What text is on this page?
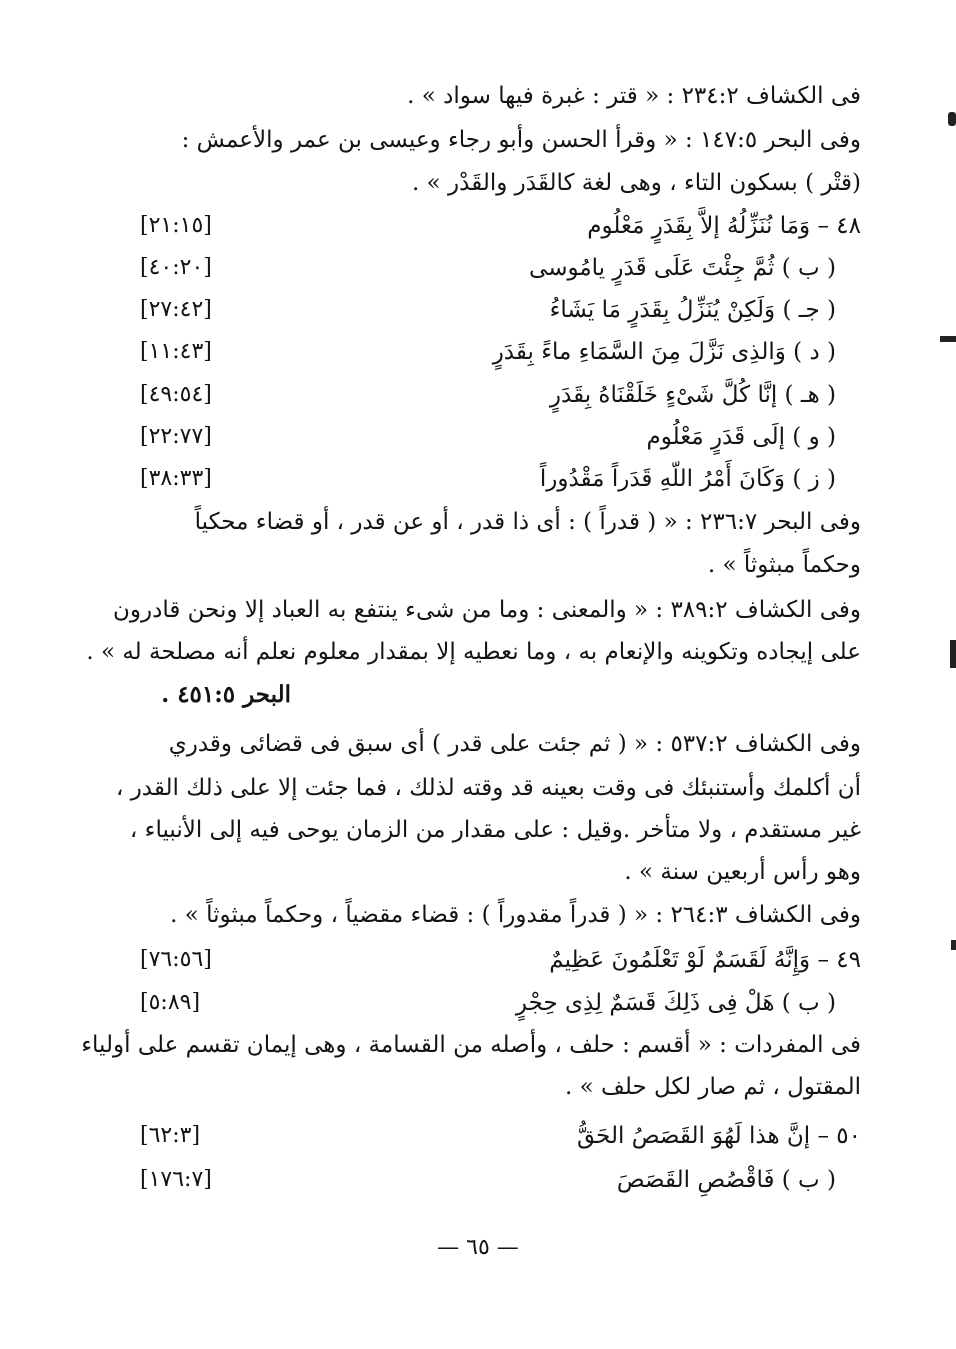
فى الكشاف ٢٣٤:٢ : « قتر : غبرة فيها سواد » .
وفى البحر ١٤٧:٥ : « وقرأ الحسن وأبو رجاء وعيسى بن عمر والأعمش :
(قتْر ) بسكون التاء ، وهى لغة كالقَدَر والقَدْر » .
٤٨ – وَمَا نُنَزِّلُهُ إلاَّ بِقَدَرٍ مَعْلُوم
[٢١:١٥]
( ب ) ثُمَّ جِئْتَ عَلَى قَدَرٍ يامُوسى
[٤٠:٢٠]
( جـ ) وَلَكِنْ يُنَزِّلُ بِقَدَرٍ مَا يَشَاءُ
[٢٧:٤٢]
( د ) وَالذِى نَزَّلَ مِنَ السَّمَاءِ ماءً بِقَدَرٍ
[١١:٤٣]
( هـ ) إنَّا كُلَّ شَىْءٍ خَلَقْنَاهُ بِقَدَرٍ
[٤٩:٥٤]
( و ) إلَى قَدَرٍ مَعْلُوم
[٢٢:٧٧]
( ز ) وَكَانَ أَمْرُ اللّهِ قَدَراً مَقْدُوراً
[٣٨:٣٣]
وفى البحر ٢٣٦:٧ : « ( قدراً ) : أى ذا قدر ، أو عن قدر ، أو قضاء محكياً
وحكماً مبثوثاً » .
وفى الكشاف ٣٨٩:٢ : « والمعنى : وما من شىء ينتفع به العباد إلا ونحن قادرون
على إيجاده وتكوينه والإنعام به ، وما نعطيه إلا بمقدار معلوم نعلم أنه مصلحة له » .
البحر ٤٥١:٥ .
وفى الكشاف ٥٣٧:٢ : « ( ثم جئت على قدر ) أى سبق فى قضائى وقدري
أن أكلمك وأستنبئك فى وقت بعينه قد وقته لذلك ، فما جئت إلا على ذلك القدر ،
غير مستقدم ، ولا متأخر .وقيل : على مقدار من الزمان يوحى فيه إلى الأنبياء ،
وهو رأس أربعين سنة » .
وفى الكشاف ٢٦٤:٣ : « ( قدراً مقدوراً ) : قضاء مقضياً ، وحكماً مبثوثاً » .
٤٩ – وَإِنَّهُ لَقَسَمٌ لَوْ تَعْلَمُونَ عَظِيمٌ
[٧٦:٥٦]
( ب ) هَلْ فِى ذَلِكَ قَسَمٌ لِذِى حِجْرٍ
[٥:٨٩]
فى المفردات : « أقسم : حلف ، وأصله من القسامة ، وهى إيمان تقسم على أولياء
المقتول ، ثم صار لكل حلف » .
٥٠ – إنَّ هذا لَهُوَ القَصَصُ الحَقُّ
[٦٢:٣]
( ب ) فَاقْصُصِ القَصَصَ
[١٧٦:٧]
— ٦٥ —
